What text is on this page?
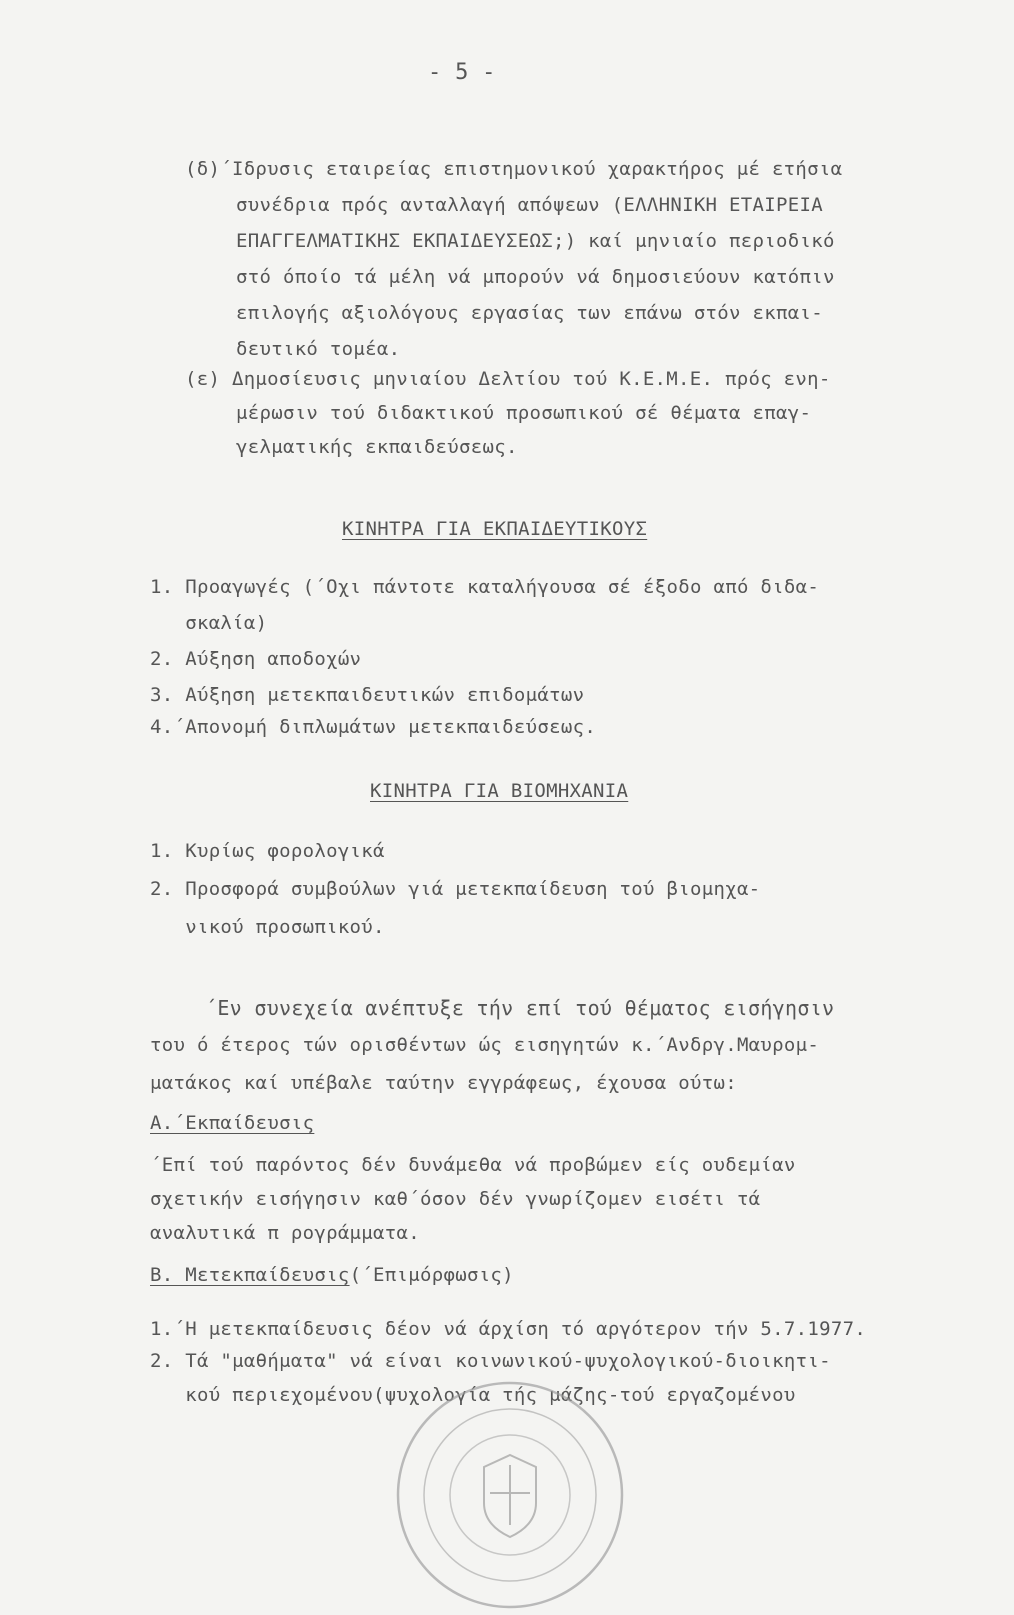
- 5 -
(δ)΄Ιδρυσις εταιρείας επιστημονικού χαρακτήρος μέ ετήσια
συνέδρια πρός ανταλλαγή απόψεων (ΕΛΛΗΝΙΚΗ ΕΤΑΙΡΕΙΑ
ΕΠΑΓΓΕΛΜΑΤΙΚΗΣ ΕΚΠΑΙΔΕΥΣΕΩΣ;) καί μηνιαίο περιοδικό
στό όποίο τά μέλη νά μπορούν νά δημοσιεύουν κατόπιν
επιλογής αξιολόγους εργασίας των επάνω στόν εκπαι-
δευτικό τομέα.
(ε) Δημοσίευσις μηνιαίου Δελτίου τού Κ.Ε.Μ.Ε. πρός ενη-
μέρωσιν τού διδακτικού προσωπικού σέ θέματα επαγ-
γελματικής εκπαιδεύσεως.
ΚΙΝΗΤΡΑ ΓΙΑ ΕΚΠΑΙΔΕΥΤΙΚΟΥΣ
1. Προαγωγές (΄Οχι πάντοτε καταλήγουσα σέ έξοδο από διδα-
σκαλία)
2. Αύξηση αποδοχών
3. Αύξηση μετεκπαιδευτικών επιδομάτων
4.΄Απονομή διπλωμάτων μετεκπαιδεύσεως.
ΚΙΝΗΤΡΑ ΓΙΑ ΒΙΟΜΗΧΑΝΙΑ
1. Κυρίως φορολογικά
2. Προσφορά συμβούλων γιά μετεκπαίδευση τού βιομηχα-
νικού προσωπικού.
΄Εν συνεχεία ανέπτυξε τήν επί τού θέματος εισήγησιν
του ό έτερος τών ορισθέντων ώς εισηγητών κ.΄Ανδργ.Μαυρομ-
ματάκος καί υπέβαλε ταύτην εγγράφεως, έχουσα ούτω:
Α.΄Εκπαίδευσις
΄Επί τού παρόντος δέν δυνάμεθα νά προβώμεν είς ουδεμίαν
σχετικήν εισήγησιν καθ΄όσον δέν γνωρίζομεν εισέτι τά
αναλυτικά π ρογράμματα.
Β. Μετεκπαίδευσις(΄Επιμόρφωσις)
1.΄Η μετεκπαίδευσις δέον νά άρχίση τό αργότερον τήν 5.7.1977.
2. Τά "μαθήματα" νά είναι κοινωνικού-ψυχολογικού-διοικητι-
κού περιεχομένου(ψυχολογία τής μάζης-τού εργαζομένου
